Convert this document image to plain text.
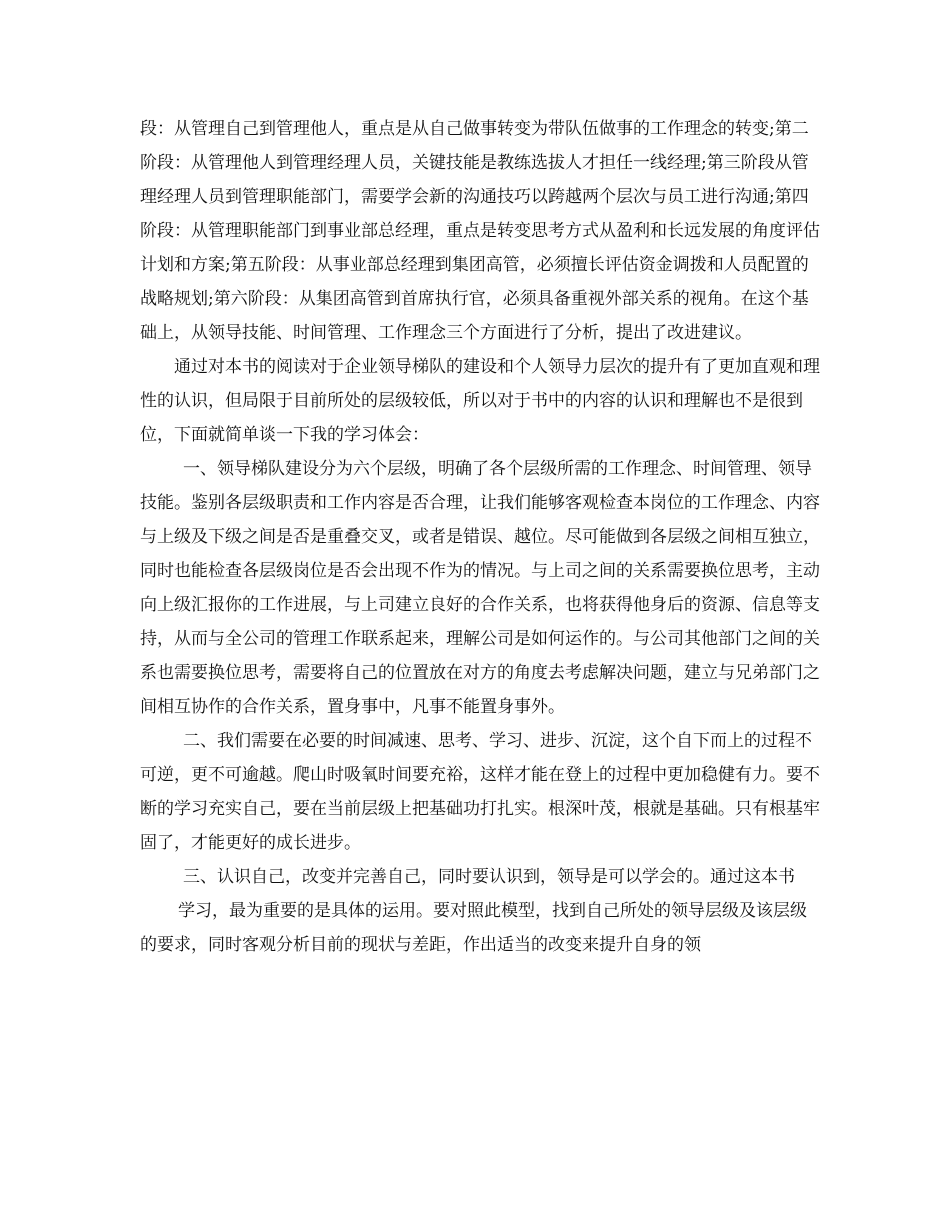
段：从管理自己到管理他人，重点是从自己做事转变为带队伍做事的工作理念的转变;第二阶段：从管理他人到管理经理人员，关键技能是教练选拔人才担任一线经理;第三阶段从管理经理人员到管理职能部门，需要学会新的沟通技巧以跨越两个层次与员工进行沟通;第四阶段：从管理职能部门到事业部总经理，重点是转变思考方式从盈利和长远发展的角度评估计划和方案;第五阶段：从事业部总经理到集团高管，必须擅长评估资金调拨和人员配置的战略规划;第六阶段：从集团高管到首席执行官，必须具备重视外部关系的视角。在这个基础上，从领导技能、时间管理、工作理念三个方面进行了分析，提出了改进建议。

通过对本书的阅读对于企业领导梯队的建设和个人领导力层次的提升有了更加直观和理性的认识，但局限于目前所处的层级较低，所以对于书中的内容的认识和理解也不是很到位，下面就简单谈一下我的学习体会：

一、领导梯队建设分为六个层级，明确了各个层级所需的工作理念、时间管理、领导技能。鉴别各层级职责和工作内容是否合理，让我们能够客观检查本岗位的工作理念、内容与上级及下级之间是否是重叠交叉，或者是错误、越位。尽可能做到各层级之间相互独立，同时也能检查各层级岗位是否会出现不作为的情况。与上司之间的关系需要换位思考，主动向上级汇报你的工作进展，与上司建立良好的合作关系，也将获得他身后的资源、信息等支持，从而与全公司的管理工作联系起来，理解公司是如何运作的。与公司其他部门之间的关系也需要换位思考，需要将自己的位置放在对方的角度去考虑解决问题，建立与兄弟部门之间相互协作的合作关系，置身事中，凡事不能置身事外。

二、我们需要在必要的时间减速、思考、学习、进步、沉淀，这个自下而上的过程不可逆，更不可逾越。爬山时吸氧时间要充裕，这样才能在登上的过程中更加稳健有力。要不断的学习充实自己，要在当前层级上把基础功打扎实。根深叶茂，根就是基础。只有根基牢固了，才能更好的成长进步。

三、认识自己，改变并完善自己，同时要认识到，领导是可以学会的。通过这本书

学习，最为重要的是具体的运用。要对照此模型，找到自己所处的领导层级及该层级的要求，同时客观分析目前的现状与差距，作出适当的改变来提升自身的领
